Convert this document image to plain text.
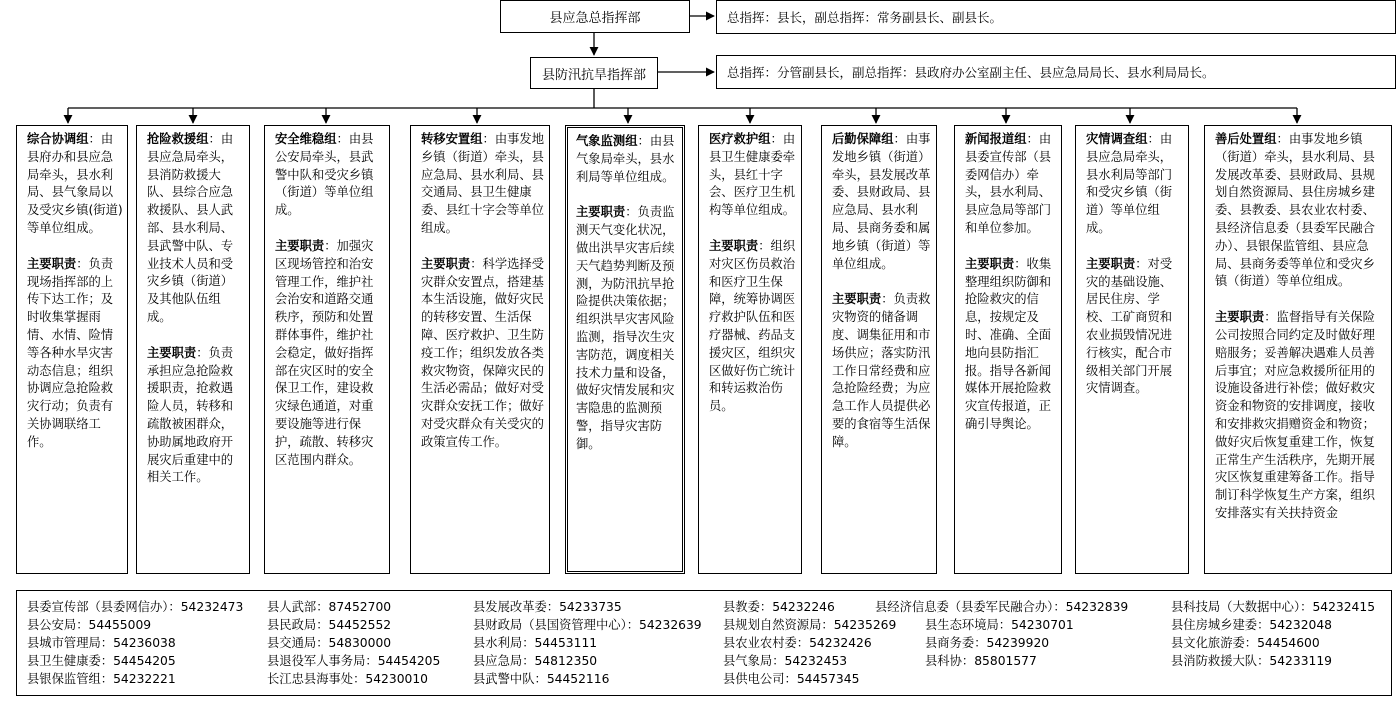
县应急总指挥部	总指挥：县长，副总指挥：常务副县长、副县长。
县防汛抗旱指挥部	总指挥：分管副县长，副总指挥：县政府办公室副主任、县应急局局长、县水利局局长。

综合协调组：由县府办和县应急局牵头，县水利局、县气象局以及受灾乡镇(街道)等单位组成。

主要职责：负责现场指挥部的上传下达工作；及时收集掌握雨情、水情、险情等各种水旱灾害动态信息；组织协调应急抢险救灾行动；负责有关协调联络工作。

抢险救援组：由县应急局牵头，县消防救援大队、县综合应急救援队、县人武部、县水利局、县武警中队、专业技术人员和受灾乡镇（街道）及其他队伍组成。

主要职责：负责承担应急抢险救援职责，抢救遇险人员，转移和疏散被困群众，协助属地政府开展灾后重建中的相关工作。

安全维稳组：由县公安局牵头，县武警中队和受灾乡镇（街道）等单位组成。

主要职责：加强灾区现场管控和治安管理工作，维护社会治安和道路交通秩序，预防和处置群体事件，维护社会稳定，做好指挥部在灾区时的安全保卫工作，建设救灾绿色通道，对重要设施等进行保护，疏散、转移灾区范围内群众。

转移安置组：由事发地乡镇（街道）牵头，县应急局、县水利局、县交通局、县卫生健康委、县红十字会等单位组成。

主要职责：科学选择受灾群众安置点，搭建基本生活设施，做好灾民的转移安置、生活保障、医疗救护、卫生防疫工作；组织发放各类救灾物资，保障灾民的生活必需品；做好对受灾群众安抚工作；做好对受灾群众有关受灾的政策宣传工作。

气象监测组：由县气象局牵头，县水利局等单位组成。

主要职责：负责监测天气变化状况，做出洪旱灾害后续天气趋势判断及预测，为防汛抗旱抢险提供决策依据；组织洪旱灾害风险监测，指导次生灾害防范，调度相关技术力量和设备，做好灾情发展和灾害隐患的监测预警，指导灾害防御。

医疗救护组：由县卫生健康委牵头，县红十字会、医疗卫生机构等单位组成。

主要职责：组织对灾区伤员救治和医疗卫生保障，统筹协调医疗救护队伍和医疗器械、药品支援灾区，组织灾区做好伤亡统计和转运救治伤员。

后勤保障组：由事发地乡镇（街道）牵头，县发展改革委、县财政局、县应急局、县水利局、县商务委和属地乡镇（街道）等单位组成。

主要职责：负责救灾物资的储备调度、调集征用和市场供应；落实防汛工作日常经费和应急抢险经费；为应急工作人员提供必要的食宿等生活保障。

新闻报道组：由县委宣传部（县委网信办）牵头，县水利局、县应急局等部门和单位参加。

主要职责：收集整理组织防御和抢险救灾的信息，按规定及时、准确、全面地向县防指汇报。指导各新闻媒体开展抢险救灾宣传报道，正确引导舆论。

灾情调查组：由县应急局牵头，县水利局等部门和受灾乡镇（街道）等单位组成。

主要职责：对受灾的基础设施、居民住房、学校、工矿商贸和农业损毁情况进行核实，配合市级相关部门开展灾情调查。

善后处置组：由事发地乡镇（街道）牵头，县水利局、县发展改革委、县财政局、县规划自然资源局、县住房城乡建委、县教委、县农业农村委、县经济信息委（县委军民融合办）、县银保监管组、县应急局、县商务委等单位和受灾乡镇（街道）等单位组成。

主要职责：监督指导有关保险公司按照合同约定及时做好理赔服务；妥善解决遇难人员善后事宜；对应急救援所征用的设施设备进行补偿；做好救灾资金和物资的安排调度，接收和安排救灾捐赠资金和物资；做好灾后恢复重建工作，恢复正常生产生活秩序，先期开展灾区恢复重建筹备工作。指导制订科学恢复生产方案，组织安排落实有关扶持资金

县委宣传部（县委网信办）：54232473 县人武部：87452700	县发展改革委：54233735	县教委：54232246	县经济信息委（县委军民融合办）：54232839	县科技局（大数据中心）：54232415
县公安局：54455009	县民政局：54452552	县财政局（县国资管理中心）：54232639 县规划自然资源局：54235269 县生态环境局：54230701	县住房城乡建委：54232048
县城市管理局：54236038	县交通局：54830000	县水利局：54453111	县农业农村委：54232426	县商务委：54239920	县文化旅游委：54454600
县卫生健康委：54454205	县退役军人事务局：54454205	县应急局：54812350	县气象局：54232453	县科协：85801577	县消防救援大队：54233119
县银保监管组：54232221	长江忠县海事处：54230010	县武警中队：54452116	县供电公司：54457345
